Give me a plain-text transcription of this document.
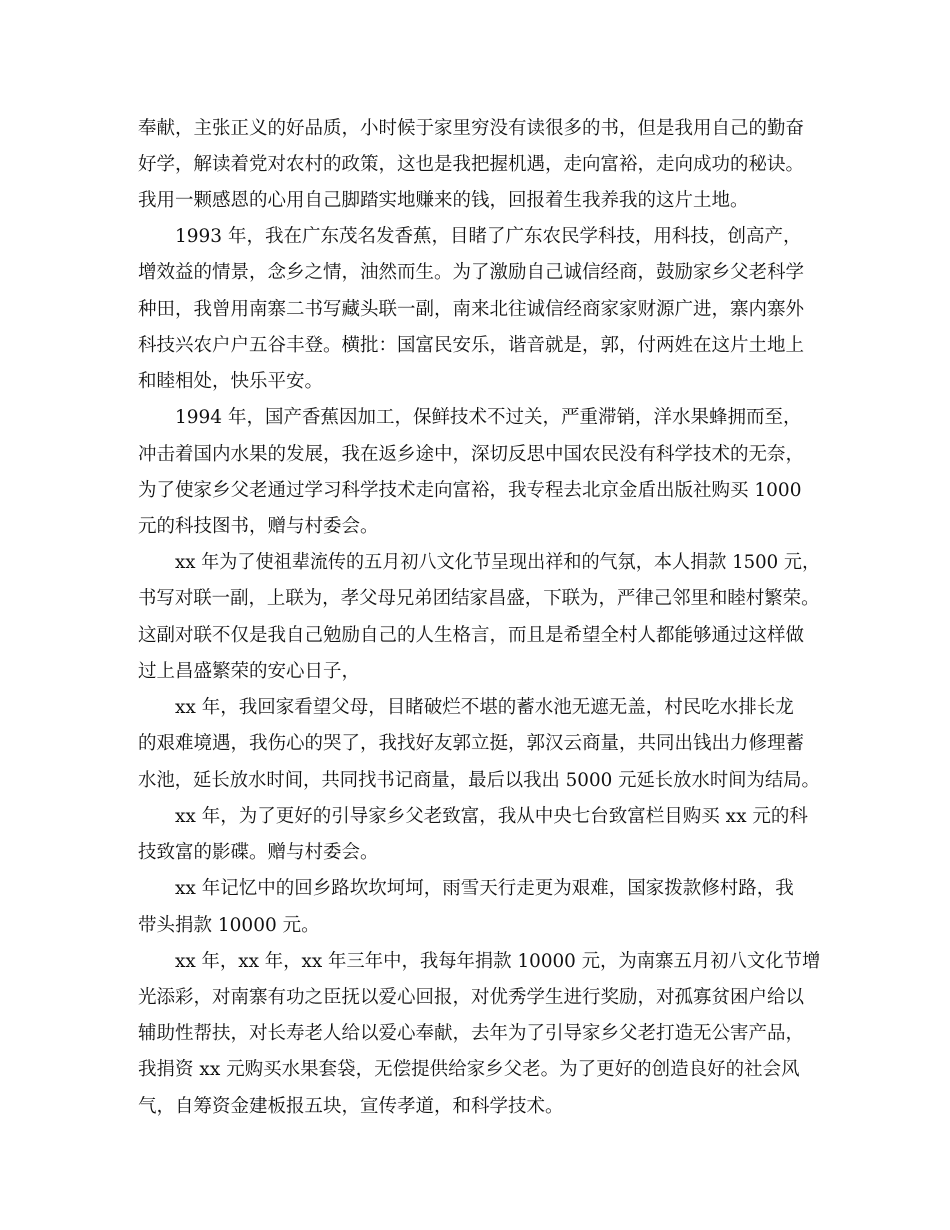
奉献，主张正义的好品质，小时候于家里穷没有读很多的书，但是我用自己的勤奋
好学，解读着党对农村的政策，这也是我把握机遇，走向富裕，走向成功的秘诀。
我用一颗感恩的心用自己脚踏实地赚来的钱，回报着生我养我的这片土地。
1993 年，我在广东茂名发香蕉，目睹了广东农民学科技，用科技，创高产，
增效益的情景，念乡之情，油然而生。为了激励自己诚信经商，鼓励家乡父老科学
种田，我曾用南寨二书写藏头联一副，南来北往诚信经商家家财源广进，寨内寨外
科技兴农户户五谷丰登。横批：国富民安乐，谐音就是，郭，付两姓在这片土地上
和睦相处，快乐平安。
1994 年，国产香蕉因加工，保鲜技术不过关，严重滞销，洋水果蜂拥而至，
冲击着国内水果的发展，我在返乡途中，深切反思中国农民没有科学技术的无奈，
为了使家乡父老通过学习科学技术走向富裕，我专程去北京金盾出版社购买 1000
元的科技图书，赠与村委会。
xx 年为了使祖辈流传的五月初八文化节呈现出祥和的气氛，本人捐款 1500 元，
书写对联一副，上联为，孝父母兄弟团结家昌盛，下联为，严律己邻里和睦村繁荣。
这副对联不仅是我自己勉励自己的人生格言，而且是希望全村人都能够通过这样做
过上昌盛繁荣的安心日子，
xx 年，我回家看望父母，目睹破烂不堪的蓄水池无遮无盖，村民吃水排长龙
的艰难境遇，我伤心的哭了，我找好友郭立挺，郭汉云商量，共同出钱出力修理蓄
水池，延长放水时间，共同找书记商量，最后以我出 5000 元延长放水时间为结局。
xx 年，为了更好的引导家乡父老致富，我从中央七台致富栏目购买 xx 元的科
技致富的影碟。赠与村委会。
xx 年记忆中的回乡路坎坎坷坷，雨雪天行走更为艰难，国家拨款修村路，我
带头捐款 10000 元。
xx 年，xx 年，xx 年三年中，我每年捐款 10000 元，为南寨五月初八文化节增
光添彩，对南寨有功之臣抚以爱心回报，对优秀学生进行奖励，对孤寡贫困户给以
辅助性帮扶，对长寿老人给以爱心奉献，去年为了引导家乡父老打造无公害产品，
我捐资 xx 元购买水果套袋，无偿提供给家乡父老。为了更好的创造良好的社会风
气，自筹资金建板报五块，宣传孝道，和科学技术。
